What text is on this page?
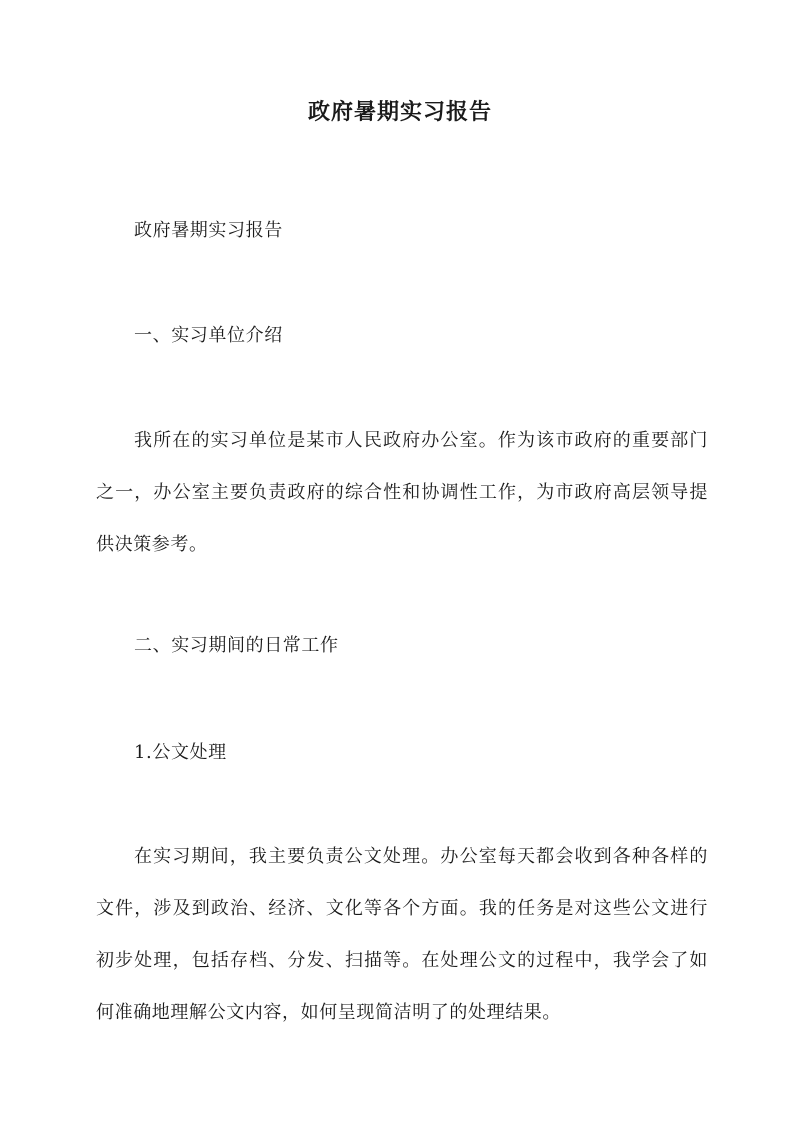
政府暑期实习报告

政府暑期实习报告

一、实习单位介绍

我所在的实习单位是某市人民政府办公室。作为该市政府的重要部门之一，办公室主要负责政府的综合性和协调性工作，为市政府高层领导提供决策参考。

二、实习期间的日常工作

1.公文处理

在实习期间，我主要负责公文处理。办公室每天都会收到各种各样的文件，涉及到政治、经济、文化等各个方面。我的任务是对这些公文进行初步处理，包括存档、分发、扫描等。在处理公文的过程中，我学会了如何准确地理解公文内容，如何呈现简洁明了的处理结果。
